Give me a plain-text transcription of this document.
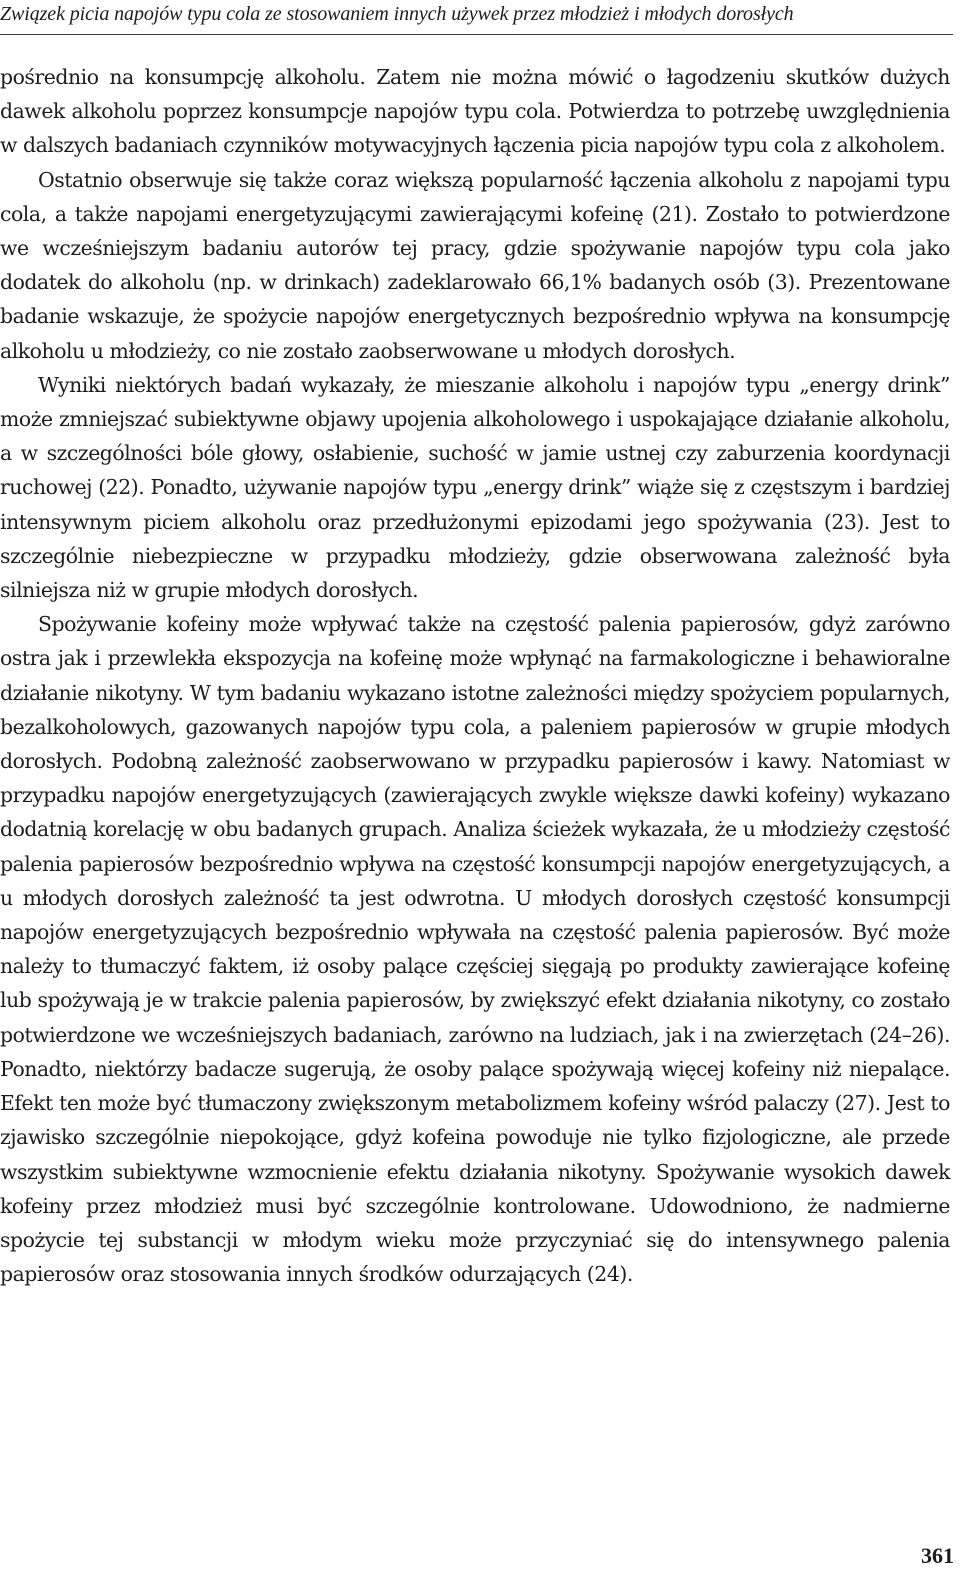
Związek picia napojów typu cola ze stosowaniem innych używek przez młodzież i młodych dorosłych

pośrednio na konsumpcję alkoholu. Zatem nie można mówić o łagodzeniu skutków dużych dawek alkoholu poprzez konsumpcje napojów typu cola. Potwierdza to potrzebę uwzględnienia w dalszych badaniach czynników motywacyjnych łączenia picia napojów typu cola z alkoholem.

Ostatnio obserwuje się także coraz większą popularność łączenia alkoholu z napojami typu cola, a także napojami energetyzującymi zawierającymi kofeinę (21). Zostało to potwierdzone we wcześniejszym badaniu autorów tej pracy, gdzie spożywanie napojów typu cola jako dodatek do alkoholu (np. w drinkach) zadeklarowało 66,1% badanych osób (3). Prezentowane badanie wskazuje, że spożycie napojów energetycznych bezpośrednio wpływa na konsumpcję alkoholu u młodzieży, co nie zostało zaobserwowane u młodych dorosłych.

Wyniki niektórych badań wykazały, że mieszanie alkoholu i napojów typu „energy drink” może zmniejszać subiektywne objawy upojenia alkoholowego i uspokajające działanie alkoholu, a w szczególności bóle głowy, osłabienie, suchość w jamie ustnej czy zaburzenia koordynacji ruchowej (22). Ponadto, używanie napojów typu „energy drink” wiąże się z częstszym i bardziej intensywnym piciem alkoholu oraz przedłużonymi epizodami jego spożywania (23). Jest to szczególnie niebezpieczne w przypadku młodzieży, gdzie obserwowana zależność była silniejsza niż w grupie młodych dorosłych.

Spożywanie kofeiny może wpływać także na częstość palenia papierosów, gdyż zarówno ostra jak i przewlekła ekspozycja na kofeinę może wpłynąć na farmakologiczne i behawioralne działanie nikotyny. W tym badaniu wykazano istotne zależności między spożyciem popularnych, bezalkoholowych, gazowanych napojów typu cola, a paleniem papierosów w grupie młodych dorosłych. Podobną zależność zaobserwowano w przypadku papierosów i kawy. Natomiast w przypadku napojów energetyzujących (zawierających zwykle większe dawki kofeiny) wykazano dodatnią korelację w obu badanych grupach. Analiza ścieżek wykazała, że u młodzieży częstość palenia papierosów bezpośrednio wpływa na częstość konsumpcji napojów energetyzujących, a u młodych dorosłych zależność ta jest odwrotna. U młodych dorosłych częstość konsumpcji napojów energetyzujących bezpośrednio wpływała na częstość palenia papierosów. Być może należy to tłumaczyć faktem, iż osoby palące częściej sięgają po produkty zawierające kofeinę lub spożywają je w trakcie palenia papierosów, by zwiększyć efekt działania nikotyny, co zostało potwierdzone we wcześniejszych badaniach, zarówno na ludziach, jak i na zwierzętach (24–26). Ponadto, niektórzy badacze sugerują, że osoby palące spożywają więcej kofeiny niż niepalące. Efekt ten może być tłumaczony zwiększonym metabolizmem kofeiny wśród palaczy (27). Jest to zjawisko szczególnie niepokojące, gdyż kofeina powoduje nie tylko fizjologiczne, ale przede wszystkim subiektywne wzmocnienie efektu działania nikotyny. Spożywanie wysokich dawek kofeiny przez młodzież musi być szczególnie kontrolowane. Udowodniono, że nadmierne spożycie tej substancji w młodym wieku może przyczyniać się do intensywnego palenia papierosów oraz stosowania innych środków odurzających (24).

361
